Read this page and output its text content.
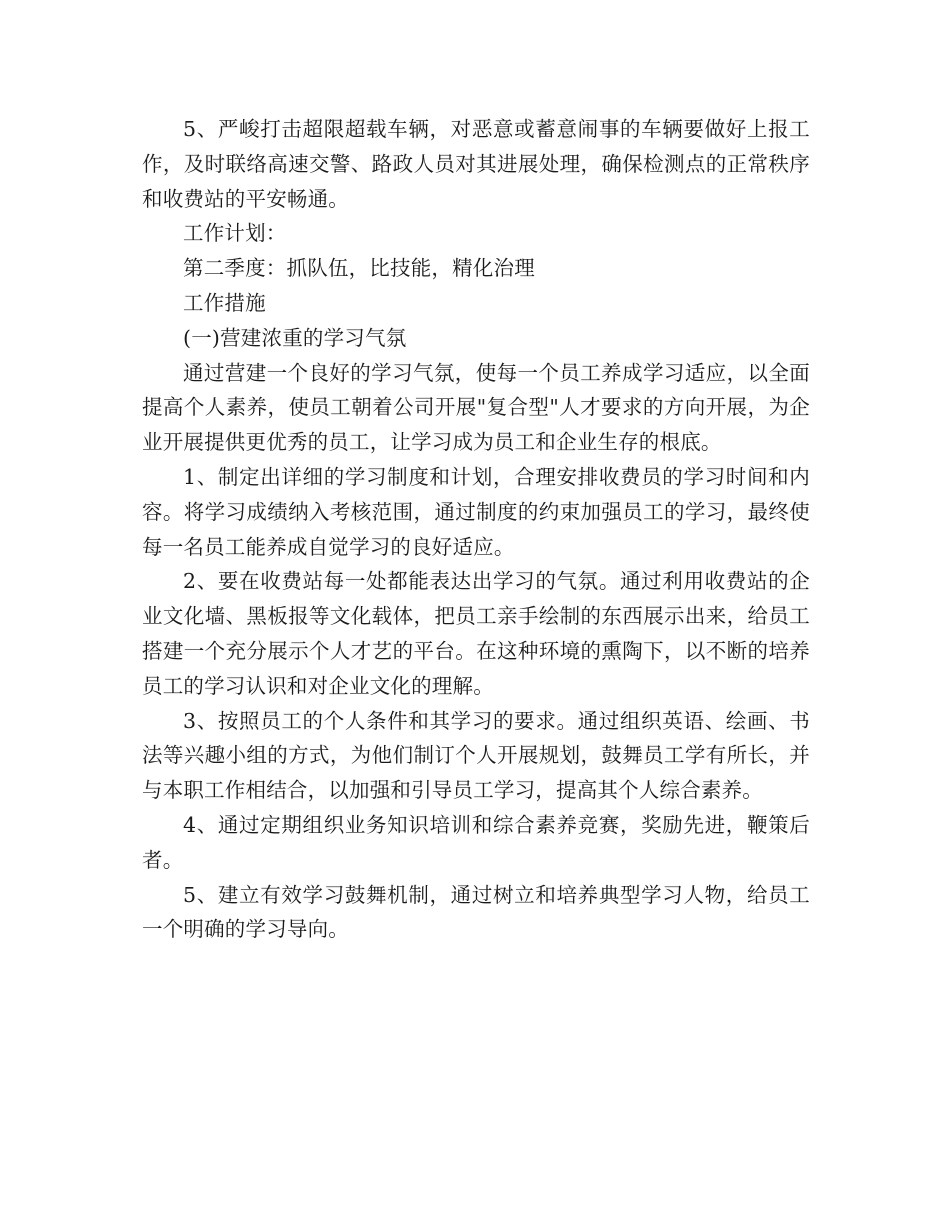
5、严峻打击超限超载车辆，对恶意或蓄意闹事的车辆要做好上报工作，及时联络高速交警、路政人员对其进展处理，确保检测点的正常秩序和收费站的平安畅通。

工作计划：

第二季度：抓队伍，比技能，精化治理

工作措施

(一)营建浓重的学习气氛

通过营建一个良好的学习气氛，使每一个员工养成学习适应，以全面提高个人素养，使员工朝着公司开展"复合型"人才要求的方向开展，为企业开展提供更优秀的员工，让学习成为员工和企业生存的根底。

1、制定出详细的学习制度和计划，合理安排收费员的学习时间和内容。将学习成绩纳入考核范围，通过制度的约束加强员工的学习，最终使每一名员工能养成自觉学习的良好适应。

2、要在收费站每一处都能表达出学习的气氛。通过利用收费站的企业文化墙、黑板报等文化载体，把员工亲手绘制的东西展示出来，给员工搭建一个充分展示个人才艺的平台。在这种环境的熏陶下，以不断的培养员工的学习认识和对企业文化的理解。

3、按照员工的个人条件和其学习的要求。通过组织英语、绘画、书法等兴趣小组的方式，为他们制订个人开展规划，鼓舞员工学有所长，并与本职工作相结合，以加强和引导员工学习，提高其个人综合素养。

4、通过定期组织业务知识培训和综合素养竞赛，奖励先进，鞭策后者。

5、建立有效学习鼓舞机制，通过树立和培养典型学习人物，给员工一个明确的学习导向。
